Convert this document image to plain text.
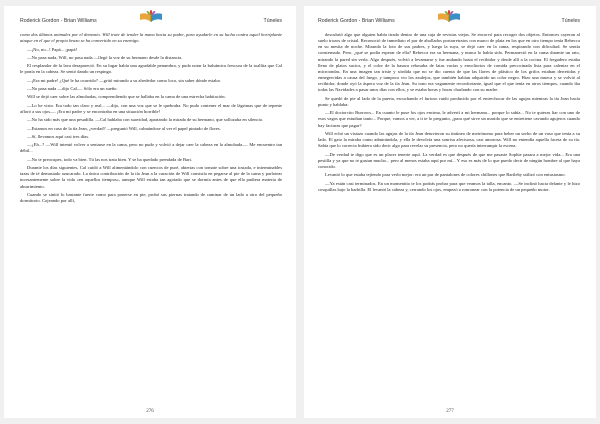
Roderick Gordon - Brian Williams	Túneles

como dos últimos animales por el demonio. Will trate de tender la mano hacia su padre, para ayudarle en su lucha contra aquel horriplante ataque en el que el propio brazo se ha convertido en su enemigo.

—¡No, no...! Papá... ¡papá!

—No pasa nada, Will, no pasa nada —llegó la voz de su hermano desde la distancia.

El resplandor de la lava desapareció. En su lugar había una agradable penumbra, y pudo notar la balsámica frescura de la toallita que Cal le ponía en la cabeza. Se sentó dando un respingo.

—¡Era mi padre! ¿Qué le ha ocurrido? —gritó mirando a su alrededor como loco, sin saber dónde estaba.

—No pasa nada —dijo Cal—. Sólo era un sueño.

Will se dejó caer sobre las almohadas, comprendiendo que se hallaba en la cama de una estrecha habitación.

—Lo he visto. Era todo tan claro y real... —dijo, con una voz que se le quebraba. No pudo contener el mar de lágrimas que de repente afloró a sus ojos—. ¡Era mi padre y se encontraba en una situación horrible!

—No ha sido más que una pesadilla. —Cal hablaba con suavidad, apartando la mirada de su hermano, que sollozaba en silencio.

—Estamos en casa de la tía Jean, ¿verdad? —preguntó Will, calmándose al ver el papel pintado de flores.

—Sí, llevamos aquí casi tres días.

—¿Eh...? —Will intentó volver a sentarse en la cama, pero no pudo y volvió a dejar caer la cabeza en la almohada—. Me encuentro tan débil...

—No te preocupes, todo va bien. Tú las nos trata bien. Y se ha quedado prendada de Bart.

Durante los días siguientes, Cal cuidó a Will alimentándolo con cuencos de puré, abiertas con tomate sobre una tostada, e interminables tazas de té demasiado azucarado. La única contribución de la tía Jean a la curación de Will consistía en pegarse al pie de la cama y parlotear incesantemente sobre la vida «en aquellos tiempos», aunque Will estaba tan agotado que se dormía antes de que ella pudiera materia de aburrimiento.

Cuando se sintió lo bastante fuerte como para ponerse en pie, probó sus piernas tratando de caminar de un lado a otro del pequeño dormitorio. Cojeando por allí,

276
Roderick Gordon - Brian Williams	Túneles

descubrió algo que alguien había tirado dentro de una caja de revistas viejas. Se encorvó para recoger dos objetos. Entonces cayeron al suelo trozos de cristal. Reconoció de inmediato el par de abollados portarretratos con marco de plata en los que en otro tiempo tenía Rebecca en su mesita de noche. Mirando la foto de sus padres, y luego la suya, se dejó caer en la cama, respirando con dificultad. Se sentía consternado. Pero, ¿qué se podía esperar de ella? Rebecca era su hermana, y nunca lo había sido. Permaneció en la cama durante un rato, mirando la pared sin verla. Algo después, volvió a levantarse y fue andando hasta el recibidor y desde allí a la cocina. El fregadero estaba lleno de platos sucios, y el color de la basura rebosaba de latas vacías y envoltorios de comida precocinada lista para calentar en el microondas. En una imagen tan triste y sórdida que no se dio cuenta de que las llaves de plástico de los grifos estaban derretidas y ennegrecidas a causa del fuego, y tampoco vio los azulejos, que también habían adquirido un color negro. Hizo una mueca y se volvió al recibidor, donde oyó la áspera voz de la tía Jean. Su tono era vagamente reconfortante, igual que el que tenía en otros tiempos, cuando iba todas las Navidades a pasar unos días con ellos, y se estaba horas y horas charlando con su madre.

Se quedó de pie al lado de la puerta, escuchando el furioso ruido producido por el entrechocar de las agujas mientras la tía Jean hacía punto y hablaba:

—El doctorcito Burrows... En cuanto le puse los ojos encima, le advertí a mi hermana... porque lo sabía... No te quieras liar con uno de esos vagos que estudian tanto... Porque, vamos a ver, a ti te lo pregunto, ¿para qué sirve un marido que se entretiene cavando agujeros cuando hay facturas que pagar?

Will echó un vistazo cuando las agujas de la tía Jean detuvieron su tintineo de metrónomo para beber un sorbo de un vaso que tenía a su lado. El gato la miraba como admirándola, y ella le devolvía una sonrisa afectuosa, casi amorosa. Will no entendía aquella faceta de su tía. Sabía que lo correcto hubiera sido decir algo para revelar su presencia, pero no quería interrumpir la escena.

—De verdad te digo que es un placer tenerte aquí. La verdad es que después de que me pasaste Sophie pasara a mejor vida... Era una pestilla y ya que no te gustan mucho... pero al menos estaba aquí por mí... Y eso es más de lo que puedo decir de ningún hombre al que haya conocido.

Levantó lo que estaba tejiendo para verlo mejor: era un par de pantalones de colores chillones que Bartleby utilizó con entusiasmo.

—Ya están casi terminados. En un momentito te los podrás probar para que veamos la talla, encanto. —Se inclinó hacia delante y le hizo cosquillas bajo la barbilla. El levantó la cabeza y, cerrando los ojos, empezó a ronronear con la potencia de un pequeño motor.

277
